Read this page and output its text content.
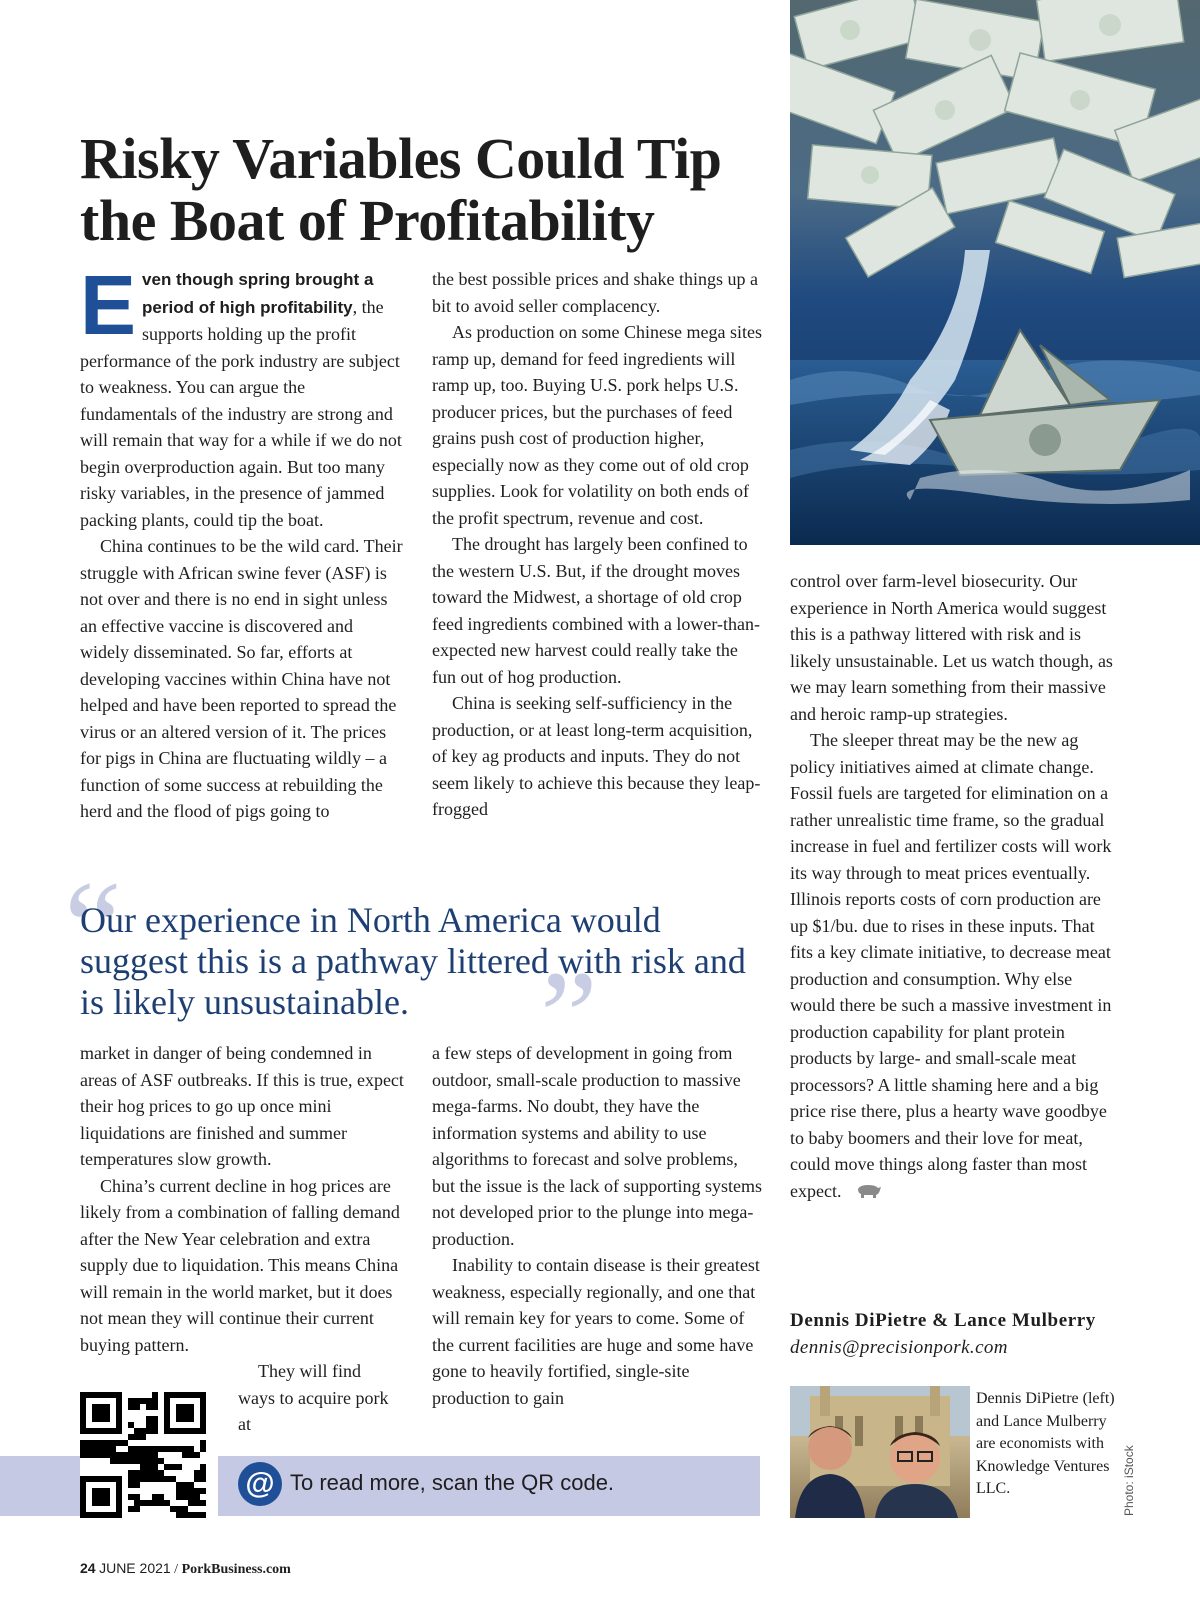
Risky Variables Could Tip the Boat of Profitability

Even though spring brought a period of high profitability, the supports holding up the profit performance of the pork industry are subject to weakness. You can argue the fundamentals of the industry are strong and will remain that way for a while if we do not begin overproduction again. But too many risky variables, in the presence of jammed packing plants, could tip the boat.

China continues to be the wild card. Their struggle with African swine fever (ASF) is not over and there is no end in sight unless an effective vaccine is discovered and widely disseminated. So far, efforts at developing vaccines within China have not helped and have been reported to spread the virus or an altered version of it. The prices for pigs in China are fluctuating wildly – a function of some success at rebuilding the herd and the flood of pigs going to

the best possible prices and shake things up a bit to avoid seller complacency.

As production on some Chinese mega sites ramp up, demand for feed ingredients will ramp up, too. Buying U.S. pork helps U.S. producer prices, but the purchases of feed grains push cost of production higher, especially now as they come out of old crop supplies. Look for volatility on both ends of the profit spectrum, revenue and cost.

The drought has largely been confined to the western U.S. But, if the drought moves toward the Midwest, a shortage of old crop feed ingredients combined with a lower-than-expected new harvest could really take the fun out of hog production.

China is seeking self-sufficiency in the production, or at least long-term acquisition, of key ag products and inputs. They do not seem likely to achieve this because they leap-frogged

“
Our experience in North America would suggest this is a pathway littered with risk and is likely unsustainable.	”

market in danger of being condemned in areas of ASF outbreaks. If this is true, expect their hog prices to go up once mini liquidations are finished and summer temperatures slow growth.

China’s current decline in hog prices are likely from a combination of falling demand after the New Year celebration and extra supply due to liquidation. This means China will remain in the world market, but it does not mean they will continue their current buying pattern.

They will find ways to acquire pork at

a few steps of development in going from outdoor, small-scale production to massive mega-farms. No doubt, they have the information systems and ability to use algorithms to forecast and solve problems, but the issue is the lack of supporting systems not developed prior to the plunge into mega-production.

Inability to contain disease is their greatest weakness, especially regionally, and one that will remain key for years to come. Some of the current facilities are huge and some have gone to heavily fortified, single-site production to gain

control over farm-level biosecurity. Our experience in North America would suggest this is a pathway littered with risk and is likely unsustainable. Let us watch though, as we may learn something from their massive and heroic ramp-up strategies.

The sleeper threat may be the new ag policy initiatives aimed at climate change. Fossil fuels are targeted for elimination on a rather unrealistic time frame, so the gradual increase in fuel and fertilizer costs will work its way through to meat prices eventually. Illinois reports costs of corn production are up $1/bu. due to rises in these inputs. That fits a key climate initiative, to decrease meat production and consumption. Why else would there be such a massive investment in production capability for plant protein products by large- and small-scale meat processors? A little shaming here and a big price rise there, plus a hearty wave goodbye to baby boomers and their love for meat, could move things along faster than most expect.

Dennis DiPietre & Lance Mulberry
dennis@precisionpork.com
Dennis DiPietre (left) and Lance Mulberry are economists with Knowledge Ventures LLC.	Photo: iStock
@ To read more, scan the QR code.
24 JUNE 2021 / PorkBusiness.com
